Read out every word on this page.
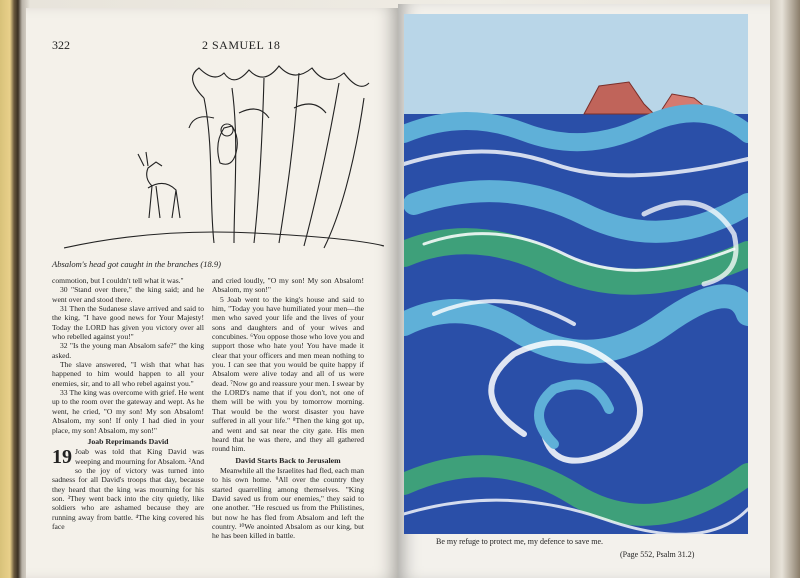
322	2 SAMUEL 18
Absalom's head got caught in the branches (18.9)

commotion, but I couldn't tell what it was."

30 "Stand over there," the king said; and he went over and stood there.

31 Then the Sudanese slave arrived and said to the king, "I have good news for Your Majesty! Today the LORD has given you victory over all who rebelled against you!"

32 "Is the young man Absalom safe?" the king asked.

The slave answered, "I wish that what has happened to him would happen to all your enemies, sir, and to all who rebel against you."

33 The king was overcome with grief. He went up to the room over the gateway and wept. As he went, he cried, "O my son! My son Absalom! Absalom, my son! If only I had died in your place, my son! Absalom, my son!"

Joab Reprimands David

19 Joab was told that King David was weeping and mourning for Absalom. ²And so the joy of victory was turned into sadness for all David's troops that day, because they heard that the king was mourning for his son. ³They went back into the city quietly, like soldiers who are ashamed because they are running away from battle. ⁴The king covered his face

and cried loudly, "O my son! My son Absalom! Absalom, my son!"

5 Joab went to the king's house and said to him, "Today you have humiliated your men—the men who saved your life and the lives of your sons and daughters and of your wives and concubines. ⁶You oppose those who love you and support those who hate you! You have made it clear that your officers and men mean nothing to you. I can see that you would be quite happy if Absalom were alive today and all of us were dead. ⁷Now go and reassure your men. I swear by the LORD's name that if you don't, not one of them will be with you by tomorrow morning. That would be the worst disaster you have suffered in all your life." ⁸Then the king got up, and went and sat near the city gate. His men heard that he was there, and they all gathered round him.

David Starts Back to Jerusalem

Meanwhile all the Israelites had fled, each man to his own home. ⁹All over the country they started quarrelling among themselves. "King David saved us from our enemies," they said to one another. "He rescued us from the Philistines, but now he has fled from Absalom and left the country. ¹⁰We anointed Absalom as our king, but he has been killed in battle.

Be my refuge to protect me, my defence to save me.
(Page 552, Psalm 31.2)
